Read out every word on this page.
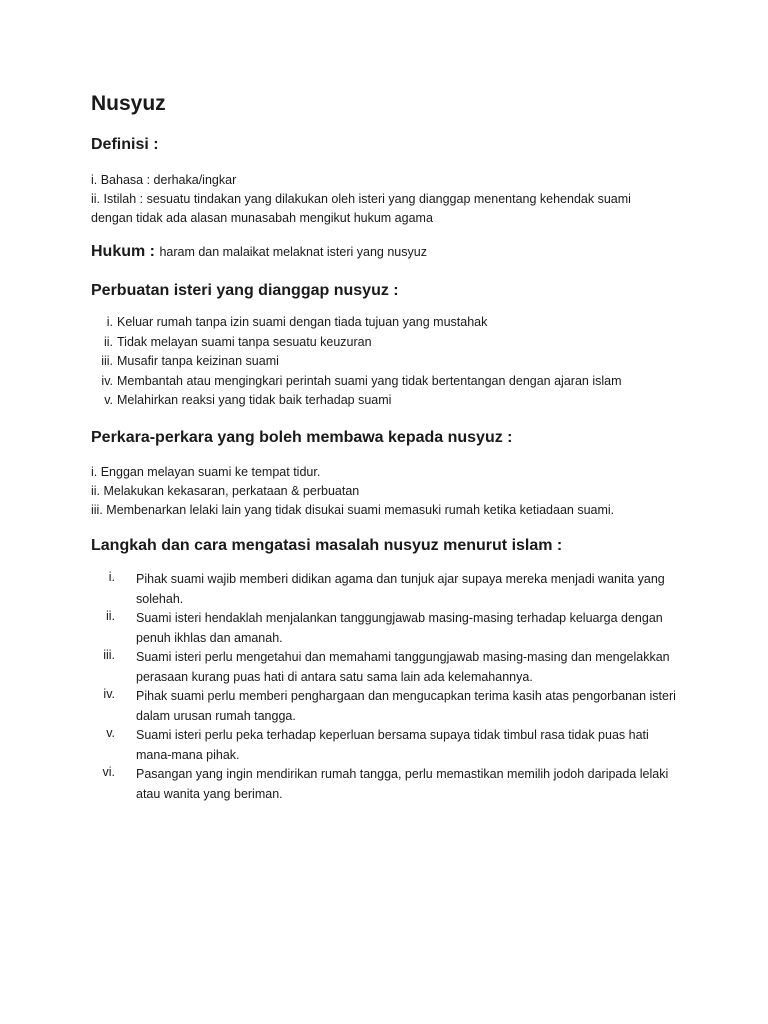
Nusyuz
Definisi :
i. Bahasa : derhaka/ingkar
ii. Istilah : sesuatu tindakan yang dilakukan oleh isteri yang dianggap menentang kehendak suami
dengan tidak ada alasan munasabah mengikut hukum agama
Hukum : haram dan malaikat melaknat isteri yang nusyuz
Perbuatan isteri yang dianggap nusyuz :
i. Keluar rumah tanpa izin suami dengan tiada tujuan yang mustahak
ii. Tidak melayan suami tanpa sesuatu keuzuran
iii. Musafir tanpa keizinan suami
iv. Membantah atau mengingkari perintah suami yang tidak bertentangan dengan ajaran islam
v. Melahirkan reaksi yang tidak baik terhadap suami
Perkara-perkara yang boleh membawa kepada nusyuz :
i. Enggan melayan suami ke tempat tidur.
ii. Melakukan kekasaran, perkataan & perbuatan
iii. Membenarkan lelaki lain yang tidak disukai suami memasuki rumah ketika ketiadaan suami.
Langkah dan cara mengatasi masalah nusyuz menurut islam :
i. Pihak suami wajib memberi didikan agama dan tunjuk ajar supaya mereka menjadi wanita yang solehah.
ii. Suami isteri hendaklah menjalankan tanggungjawab masing-masing terhadap keluarga dengan penuh ikhlas dan amanah.
iii. Suami isteri perlu mengetahui dan memahami tanggungjawab masing-masing dan mengelakkan perasaan kurang puas hati di antara satu sama lain ada kelemahannya.
iv. Pihak suami perlu memberi penghargaan dan mengucapkan terima kasih atas pengorbanan isteri dalam urusan rumah tangga.
v. Suami isteri perlu peka terhadap keperluan bersama supaya tidak timbul rasa tidak puas hati mana-mana pihak.
vi. Pasangan yang ingin mendirikan rumah tangga, perlu memastikan memilih jodoh daripada lelaki atau wanita yang beriman.
